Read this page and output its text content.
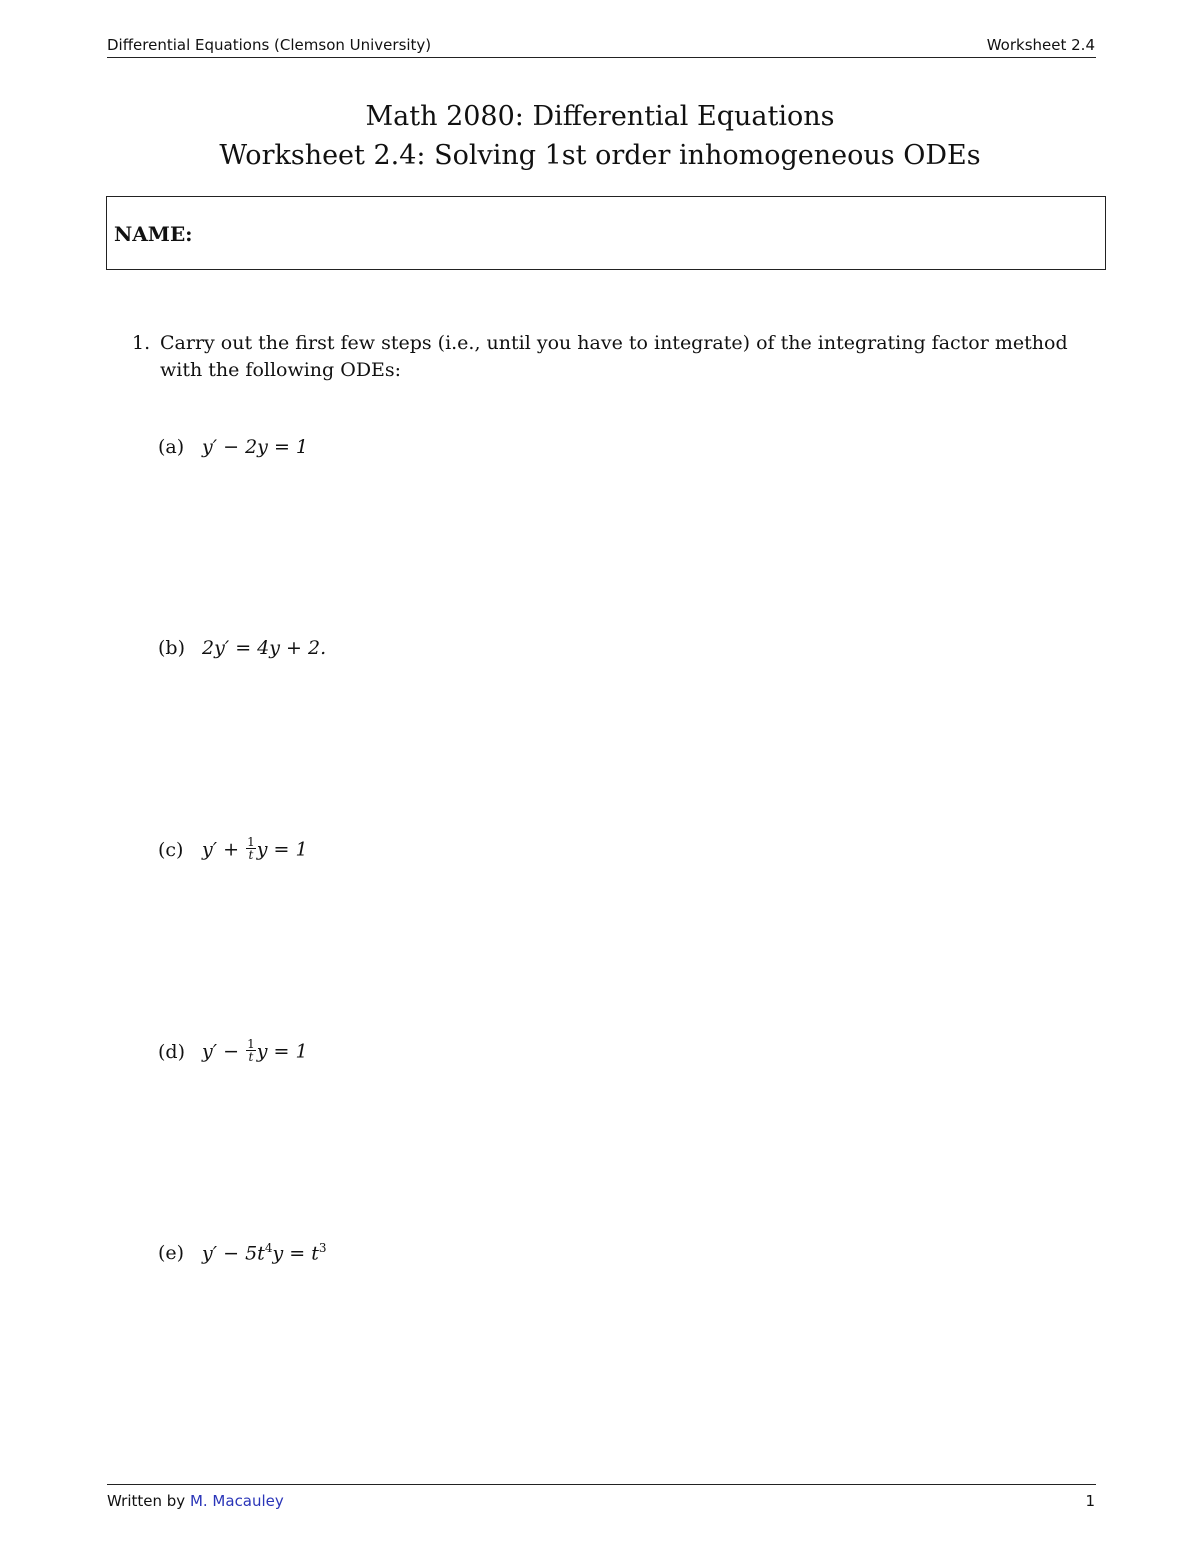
Differential Equations (Clemson University)	Worksheet 2.4
Math 2080: Differential Equations
Worksheet 2.4: Solving 1st order inhomogeneous ODEs
NAME:
1. Carry out the first few steps (i.e., until you have to integrate) of the integrating factor method with the following ODEs:
(a) y′ − 2y = 1
(b) 2y′ = 4y + 2.
(c) $y' + \frac{1}{t}$ y = 1
(d) $y' - \frac{1}{t}$ y = 1
(e) $y' - 5t^4y = t^3$
Written by M. Macauley	1
